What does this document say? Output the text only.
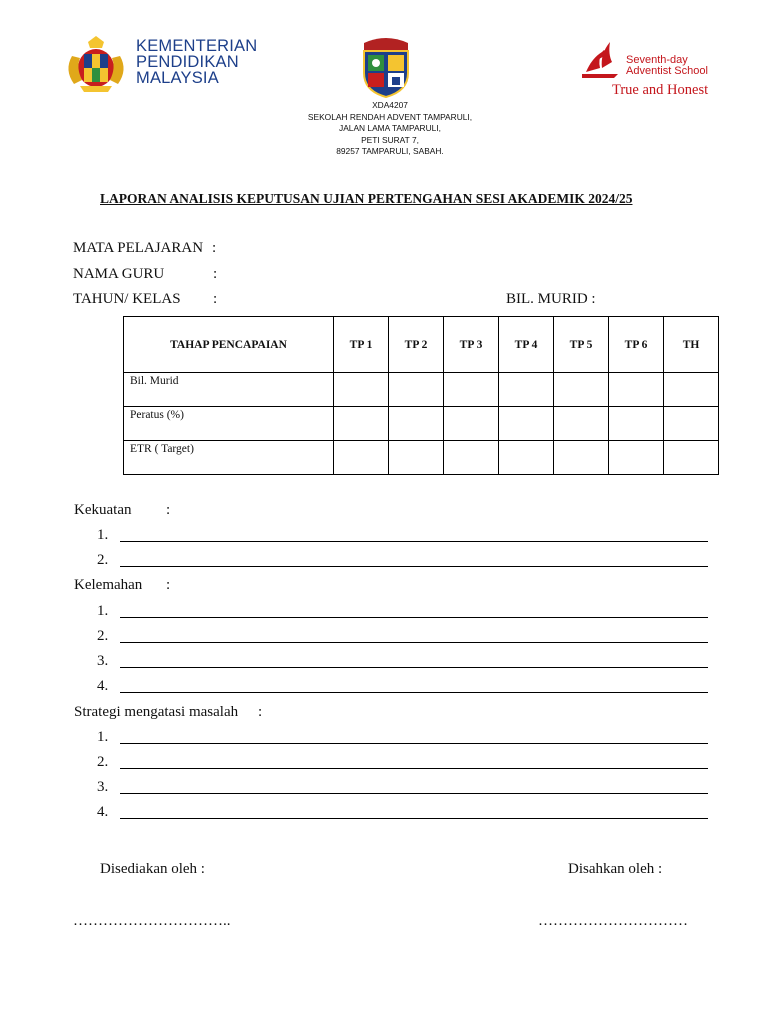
KEMENTERIAN
PENDIDIKAN
MALAYSIA
Seventh-day
Adventist School
True and Honest
XDA4207
SEKOLAH RENDAH ADVENT TAMPARULI,
JALAN LAMA TAMPARULI,
PETI SURAT 7,
89257 TAMPARULI, SABAH.
LAPORAN ANALISIS KEPUTUSAN UJIAN PERTENGAHAN SESI AKADEMIK 2024/25
MATA PELAJARAN :
NAMA GURU	:
TAHUN/ KELAS :	BIL. MURID :
TAHAP PENCAPAIAN	TP 1	TP 2	TP 3	TP 4	TP 5	TP 6	TH
Bil. Murid							
Peratus (%)							
ETR ( Target)							
Kekuatan :
1.
2.
Kelemahan :
1.
2.
3.
4.
Strategi mengatasi masalah :
1.
2.
3.
4.
Disediakan oleh :	Disahkan oleh :
…………………………..	…………………………
